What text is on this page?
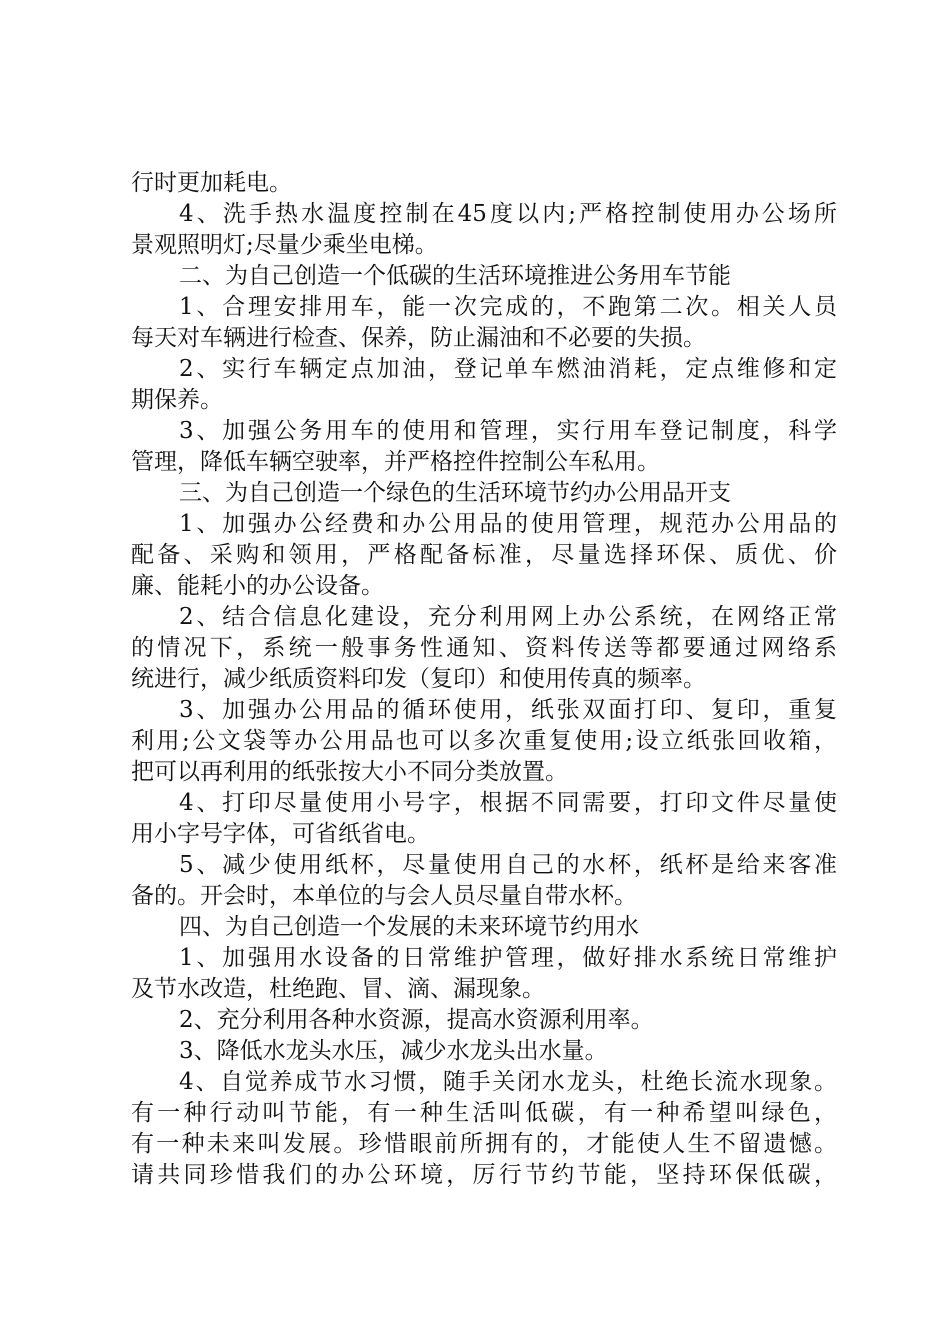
行时更加耗电。
4、洗手热水温度控制在45度以内;严格控制使用办公场所
景观照明灯;尽量少乘坐电梯。
二、为自己创造一个低碳的生活环境推进公务用车节能
1、合理安排用车，能一次完成的，不跑第二次。相关人员
每天对车辆进行检查、保养，防止漏油和不必要的失损。
2、实行车辆定点加油，登记单车燃油消耗，定点维修和定
期保养。
3、加强公务用车的使用和管理，实行用车登记制度，科学
管理，降低车辆空驶率，并严格控件控制公车私用。
三、为自己创造一个绿色的生活环境节约办公用品开支
1、加强办公经费和办公用品的使用管理，规范办公用品的
配备、采购和领用，严格配备标准，尽量选择环保、质优、价
廉、能耗小的办公设备。
2、结合信息化建设，充分利用网上办公系统，在网络正常
的情况下，系统一般事务性通知、资料传送等都要通过网络系
统进行，减少纸质资料印发（复印）和使用传真的频率。
3、加强办公用品的循环使用，纸张双面打印、复印，重复
利用;公文袋等办公用品也可以多次重复使用;设立纸张回收箱，
把可以再利用的纸张按大小不同分类放置。
4、打印尽量使用小号字，根据不同需要，打印文件尽量使
用小字号字体，可省纸省电。
5、减少使用纸杯，尽量使用自己的水杯，纸杯是给来客准
备的。开会时，本单位的与会人员尽量自带水杯。
四、为自己创造一个发展的未来环境节约用水
1、加强用水设备的日常维护管理，做好排水系统日常维护
及节水改造，杜绝跑、冒、滴、漏现象。
2、充分利用各种水资源，提高水资源利用率。
3、降低水龙头水压，减少水龙头出水量。
4、自觉养成节水习惯，随手关闭水龙头，杜绝长流水现象。
有一种行动叫节能，有一种生活叫低碳，有一种希望叫绿色，
有一种未来叫发展。珍惜眼前所拥有的，才能使人生不留遗憾。
请共同珍惜我们的办公环境，厉行节约节能，坚持环保低碳，
